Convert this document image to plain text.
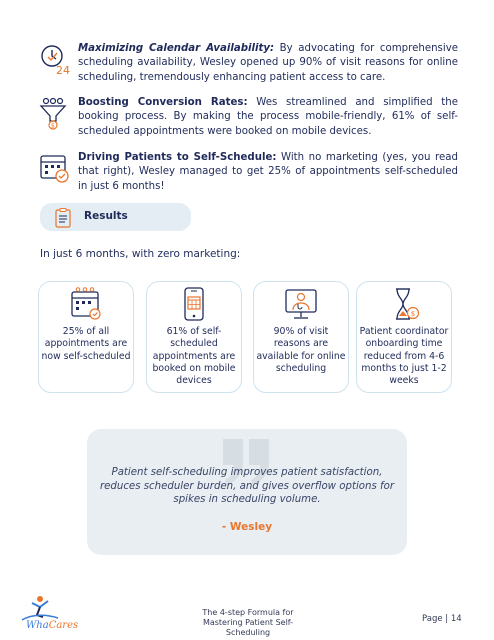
24
Maximizing Calendar Availability: By advocating for comprehensive scheduling availability, Wesley opened up 90% of visit reasons for online scheduling, tremendously enhancing patient access to care.
$
Boosting Conversion Rates: Wes streamlined and simplified the booking process. By making the process mobile-friendly, 61% of self-scheduled appointments were booked on mobile devices.
Driving Patients to Self-Schedule: With no marketing (yes, you read that right), Wesley managed to get 25% of appointments self-scheduled in just 6 months!
Results
In just 6 months, with zero marketing:
25% of all appointments are now self-scheduled
61% of self-scheduled appointments are booked on mobile devices
90% of visit reasons are available for online scheduling
$
Patient coordinator onboarding time reduced from 4-6 months to just 1-2 weeks
Patient self-scheduling improves patient satisfaction, reduces scheduler burden, and gives overflow options for spikes in scheduling volume.
- Wesley
WhaCares
The 4-step Formula for Mastering Patient Self-Scheduling
Page | 14
